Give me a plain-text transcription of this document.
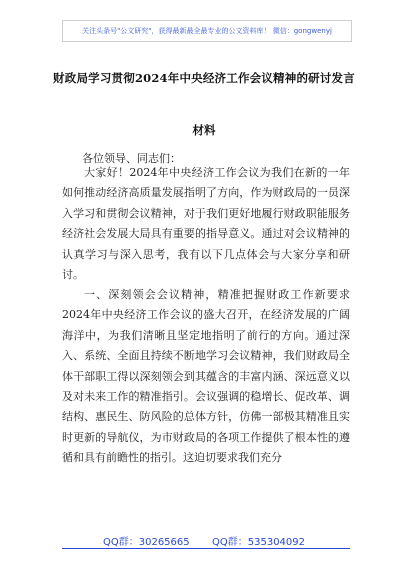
关注头条号"公文研究"，获得最新最全最专业的公文资料库！ 微信：gongwenyj
财政局学习贯彻2024年中央经济工作会议精神的研讨发言
材料
各位领导、同志们：

大家好！2024年中央经济工作会议为我们在新的一年如何推动经济高质量发展指明了方向，作为财政局的一员深入学习和贯彻会议精神，对于我们更好地履行财政职能服务经济社会发展大局具有重要的指导意义。通过对会议精神的认真学习与深入思考，我有以下几点体会与大家分享和研讨。

一、深刻领会会议精神，精准把握财政工作新要求2024年中央经济工作会议的盛大召开，在经济发展的广阔海洋中，为我们清晰且坚定地指明了前行的方向。通过深入、系统、全面且持续不断地学习会议精神，我们财政局全体干部职工得以深刻领会到其蕴含的丰富内涵、深远意义以及对未来工作的精准指引。会议强调的稳增长、促改革、调结构、惠民生、防风险的总体方针，仿佛一部极其精准且实时更新的导航仪，为市财政局的各项工作提供了根本性的遵循和具有前瞻性的指引。这迫切要求我们充分

QQ群：30265665 QQ群：535304092
